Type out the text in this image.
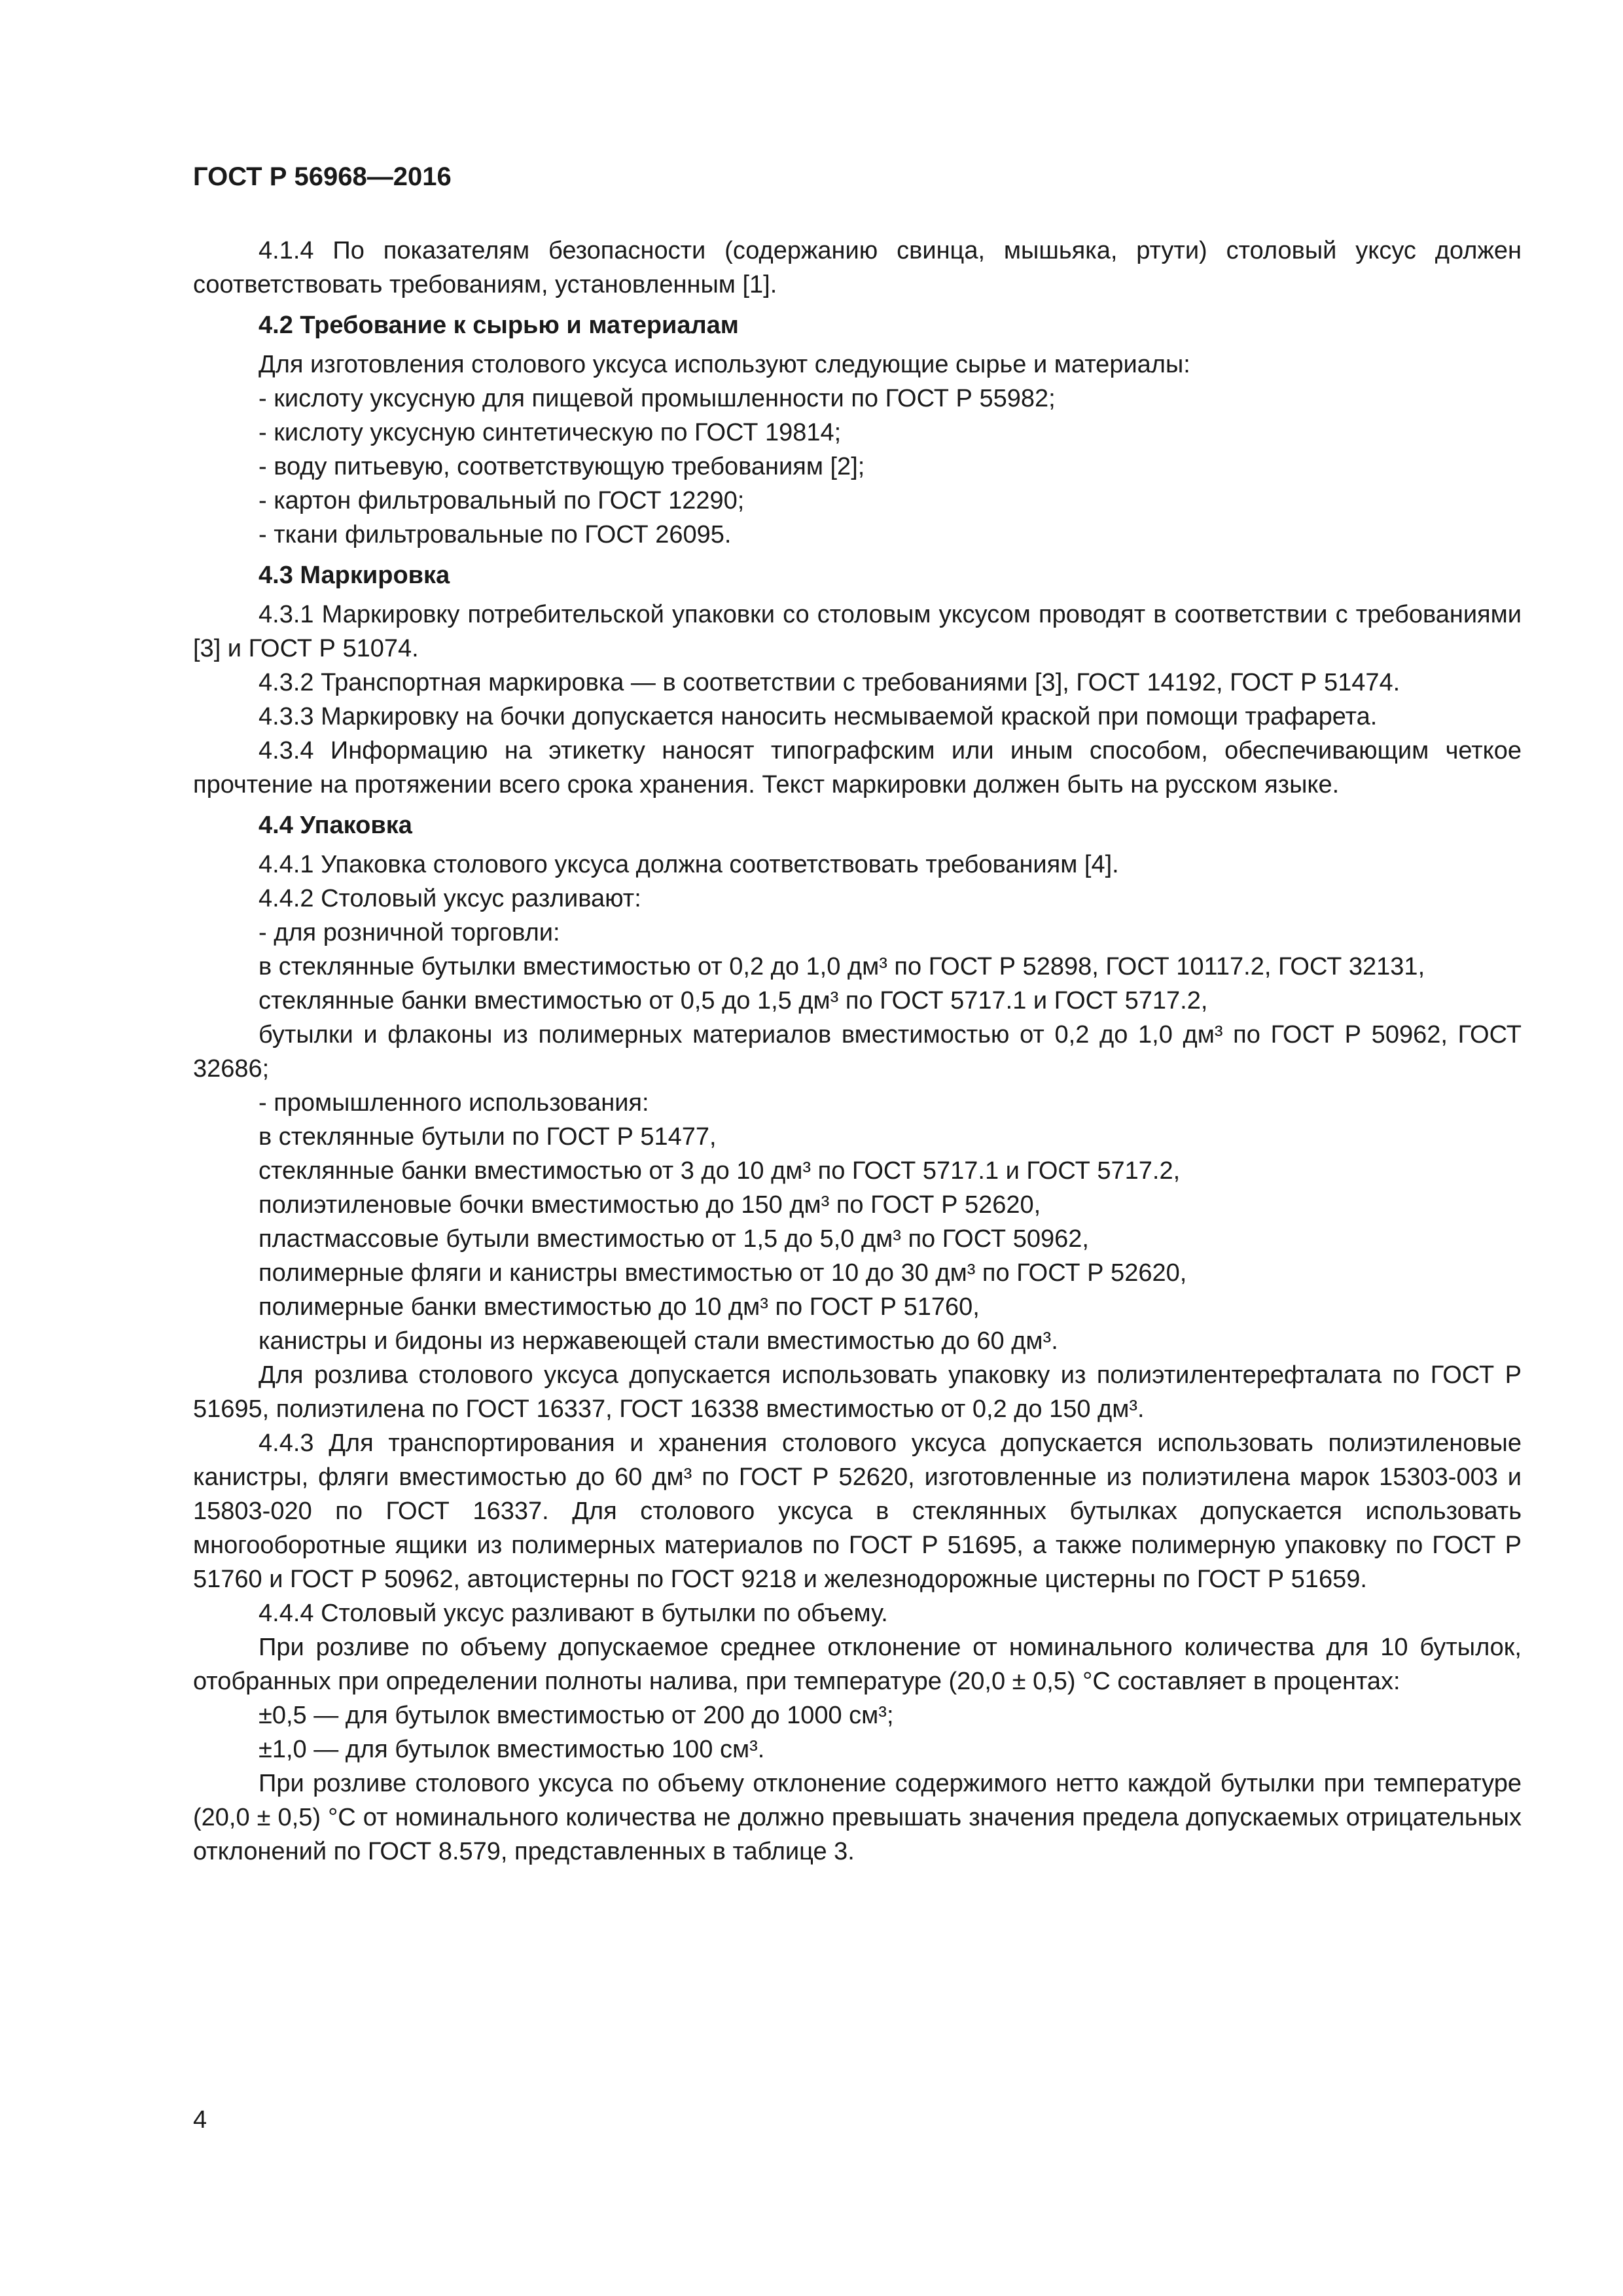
ГОСТ Р 56968—2016

4.1.4 По показателям безопасности (содержанию свинца, мышьяка, ртути) столовый уксус должен соответствовать требованиям, установленным [1].

4.2 Требование к сырью и материалам

Для изготовления столового уксуса используют следующие сырье и материалы:

- кислоту уксусную для пищевой промышленности по ГОСТ Р 55982;

- кислоту уксусную синтетическую по ГОСТ 19814;

- воду питьевую, соответствующую требованиям [2];

- картон фильтровальный по ГОСТ 12290;

- ткани фильтровальные по ГОСТ 26095.

4.3 Маркировка

4.3.1 Маркировку потребительской упаковки со столовым уксусом проводят в соответствии с требованиями [3] и ГОСТ Р 51074.

4.3.2 Транспортная маркировка — в соответствии с требованиями [3], ГОСТ 14192, ГОСТ Р 51474.

4.3.3 Маркировку на бочки допускается наносить несмываемой краской при помощи трафарета.

4.3.4 Информацию на этикетку наносят типографским или иным способом, обеспечивающим четкое прочтение на протяжении всего срока хранения. Текст маркировки должен быть на русском языке.

4.4 Упаковка

4.4.1 Упаковка столового уксуса должна соответствовать требованиям [4].

4.4.2 Столовый уксус разливают:

- для розничной торговли:

в стеклянные бутылки вместимостью от 0,2 до 1,0 дм³ по ГОСТ Р 52898, ГОСТ 10117.2, ГОСТ 32131,

стеклянные банки вместимостью от 0,5 до 1,5 дм³ по ГОСТ 5717.1 и ГОСТ 5717.2,

бутылки и флаконы из полимерных материалов вместимостью от 0,2 до 1,0 дм³ по ГОСТ Р 50962, ГОСТ 32686;

- промышленного использования:

в стеклянные бутыли по ГОСТ Р 51477,

стеклянные банки вместимостью от 3 до 10 дм³ по ГОСТ 5717.1 и ГОСТ 5717.2,

полиэтиленовые бочки вместимостью до 150 дм³ по ГОСТ Р 52620,

пластмассовые бутыли вместимостью от 1,5 до 5,0 дм³ по ГОСТ 50962,

полимерные фляги и канистры вместимостью от 10 до 30 дм³ по ГОСТ Р 52620,

полимерные банки вместимостью до 10 дм³ по ГОСТ Р 51760,

канистры и бидоны из нержавеющей стали вместимостью до 60 дм³.

Для розлива столового уксуса допускается использовать упаковку из полиэтилентерефталата по ГОСТ Р 51695, полиэтилена по ГОСТ 16337, ГОСТ 16338 вместимостью от 0,2 до 150 дм³.

4.4.3 Для транспортирования и хранения столового уксуса допускается использовать полиэтиленовые канистры, фляги вместимостью до 60 дм³ по ГОСТ Р 52620, изготовленные из полиэтилена марок 15303-003 и 15803-020 по ГОСТ 16337. Для столового уксуса в стеклянных бутылках допускается использовать многооборотные ящики из полимерных материалов по ГОСТ Р 51695, а также полимерную упаковку по ГОСТ Р 51760 и ГОСТ Р 50962, автоцистерны по ГОСТ 9218 и железнодорожные цистерны по ГОСТ Р 51659.

4.4.4 Столовый уксус разливают в бутылки по объему.

При розливе по объему допускаемое среднее отклонение от номинального количества для 10 бутылок, отобранных при определении полноты налива, при температуре (20,0 ± 0,5) °С составляет в процентах:

±0,5 — для бутылок вместимостью от 200 до 1000 см³;

±1,0 — для бутылок вместимостью 100 см³.

При розливе столового уксуса по объему отклонение содержимого нетто каждой бутылки при температуре (20,0 ± 0,5) °С от номинального количества не должно превышать значения предела допускаемых отрицательных отклонений по ГОСТ 8.579, представленных в таблице 3.

4
